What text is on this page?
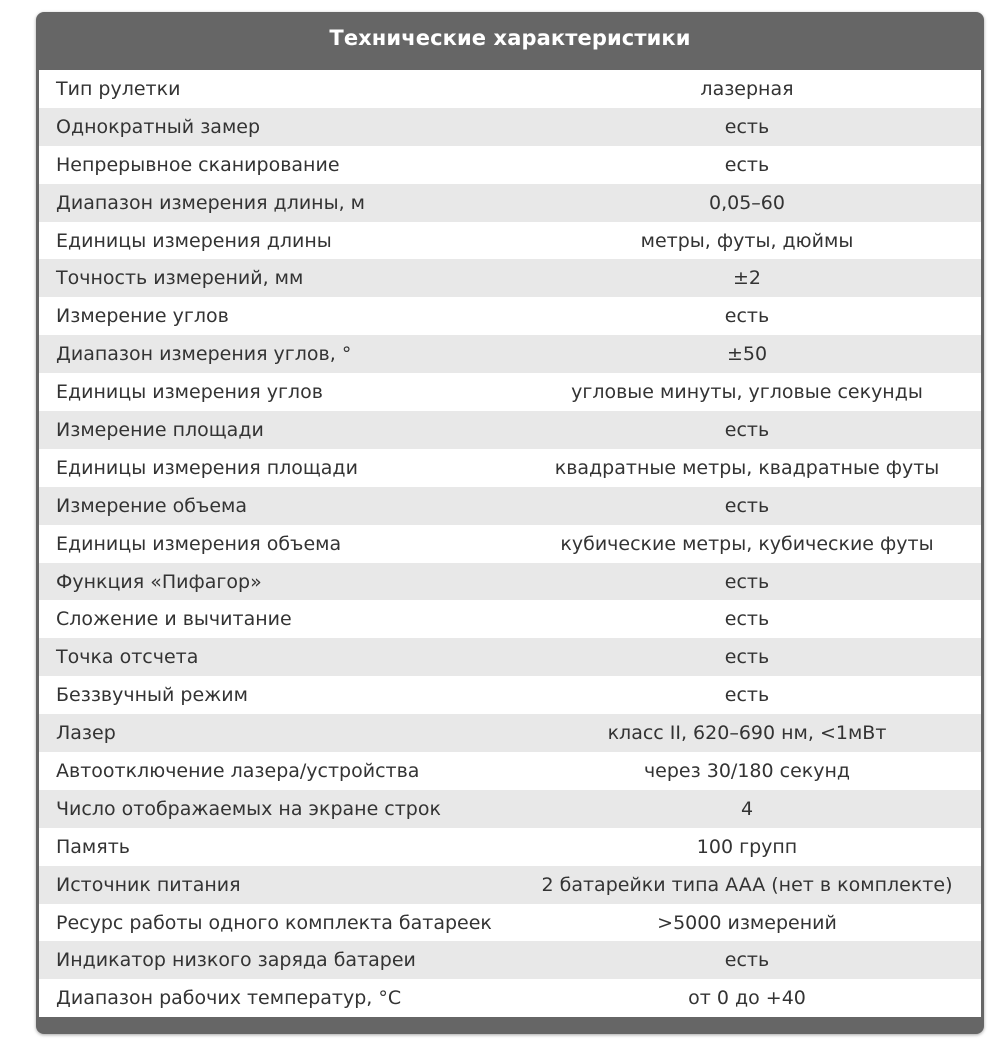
Технические характеристики
Тип рулетки	лазерная
Однократный замер	есть
Непрерывное сканирование	есть
Диапазон измерения длины, м	0,05–60
Единицы измерения длины	метры, футы, дюймы
Точность измерений, мм	±2
Измерение углов	есть
Диапазон измерения углов, °	±50
Единицы измерения углов	угловые минуты, угловые секунды
Измерение площади	есть
Единицы измерения площади	квадратные метры, квадратные футы
Измерение объема	есть
Единицы измерения объема	кубические метры, кубические футы
Функция «Пифагор»	есть
Сложение и вычитание	есть
Точка отсчета	есть
Беззвучный режим	есть
Лазер	класс II, 620–690 нм, <1мВт
Автоотключение лазера/устройства	через 30/180 секунд
Число отображаемых на экране строк	4
Память	100 групп
Источник питания	2 батарейки типа AAA (нет в комплекте)
Ресурс работы одного комплекта батареек	>5000 измерений
Индикатор низкого заряда батареи	есть
Диапазон рабочих температур, °С	от 0 до +40
